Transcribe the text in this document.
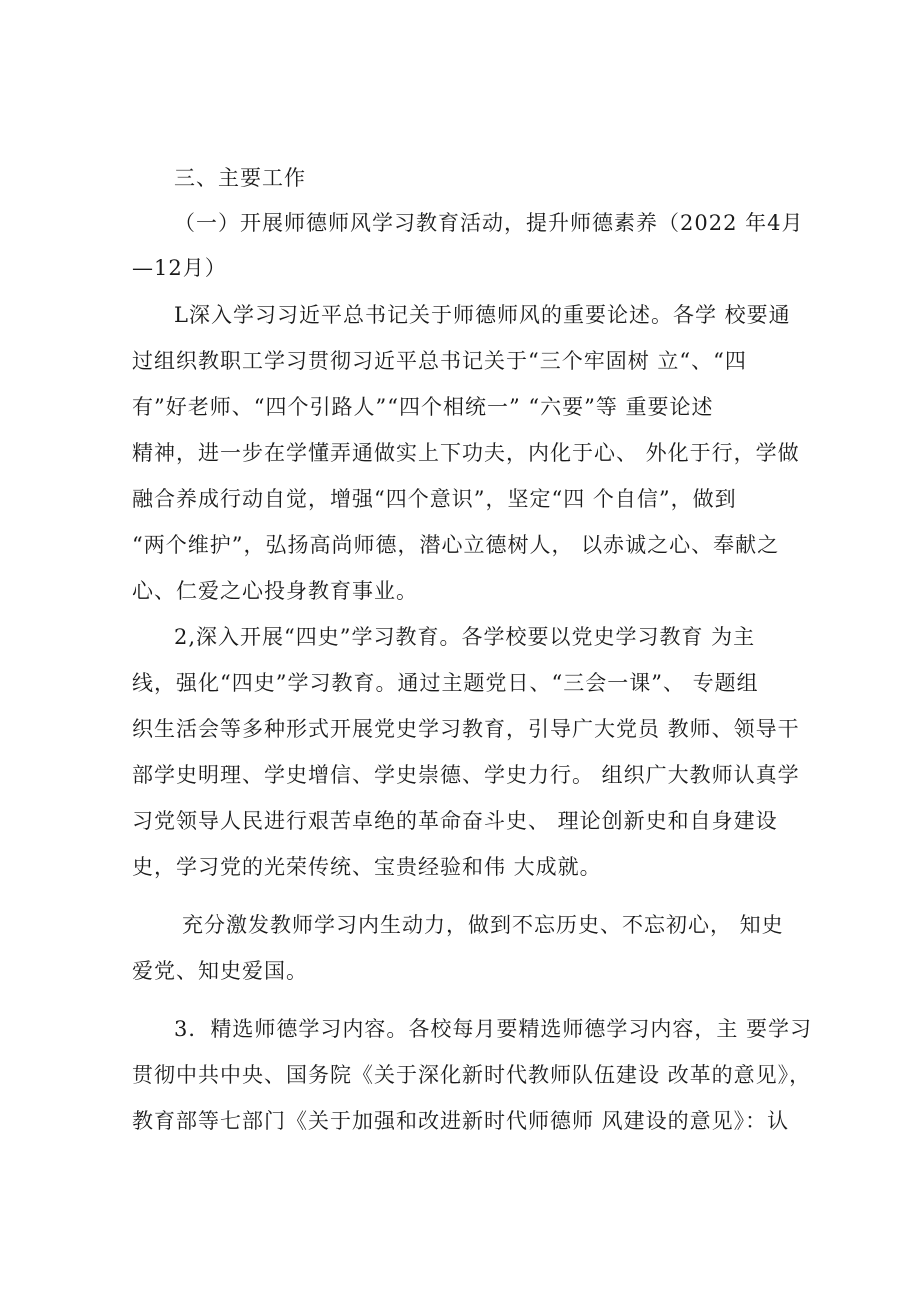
三、主要工作

（一）开展师德师风学习教育活动，提升师德素养（2022 年4月

—12月）

L深入学习习近平总书记关于师德师风的重要论述。各学 校要通

过组织教职工学习贯彻习近平总书记关于“三个牢固树 立“、“四

有”好老师、“四个引路人”“四个相统一” “六要”等 重要论述

精神，进一步在学懂弄通做实上下功夫，内化于心、 外化于行，学做

融合养成行动自觉，增强“四个意识”，坚定“四 个自信”，做到

“两个维护”，弘扬高尚师德，潜心立德树人， 以赤诚之心、奉献之

心、仁爱之心投身教育事业。

2,深入开展“四史”学习教育。各学校要以党史学习教育 为主

线，强化“四史”学习教育。通过主题党日、“三会一课”、 专题组

织生活会等多种形式开展党史学习教育，引导广大党员 教师、领导干

部学史明理、学史增信、学史崇德、学史力行。 组织广大教师认真学

习党领导人民进行艰苦卓绝的革命奋斗史、 理论创新史和自身建设

史，学习党的光荣传统、宝贵经验和伟 大成就。

充分激发教师学习内生动力，做到不忘历史、不忘初心， 知史

爱党、知史爱国。

3．精选师德学习内容。各校每月要精选师德学习内容，主 要学习

贯彻中共中央、国务院《关于深化新时代教师队伍建设 改革的意见》，

教育部等七部门《关于加强和改进新时代师德师 风建设的意见》：认
